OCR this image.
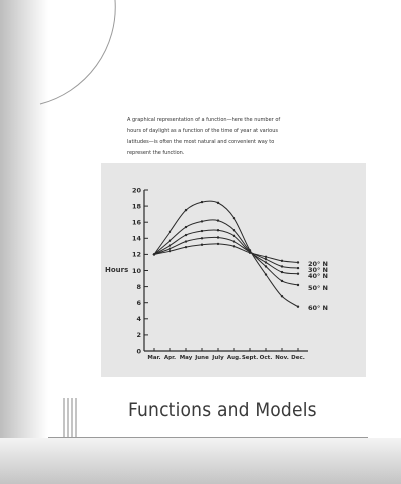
A graphical representation of a function—here the number of hours of daylight as a function of the time of year at various latitudes—is often the most natural and convenient way to represent the function.

0
2
4
6
8
10
12
14
16
18
20
Mar. Apr. May June July Aug. Sept. Oct. Nov. Dec.
20° N
30° N
40° N
50° N
60° N
Hours
Functions and Models
